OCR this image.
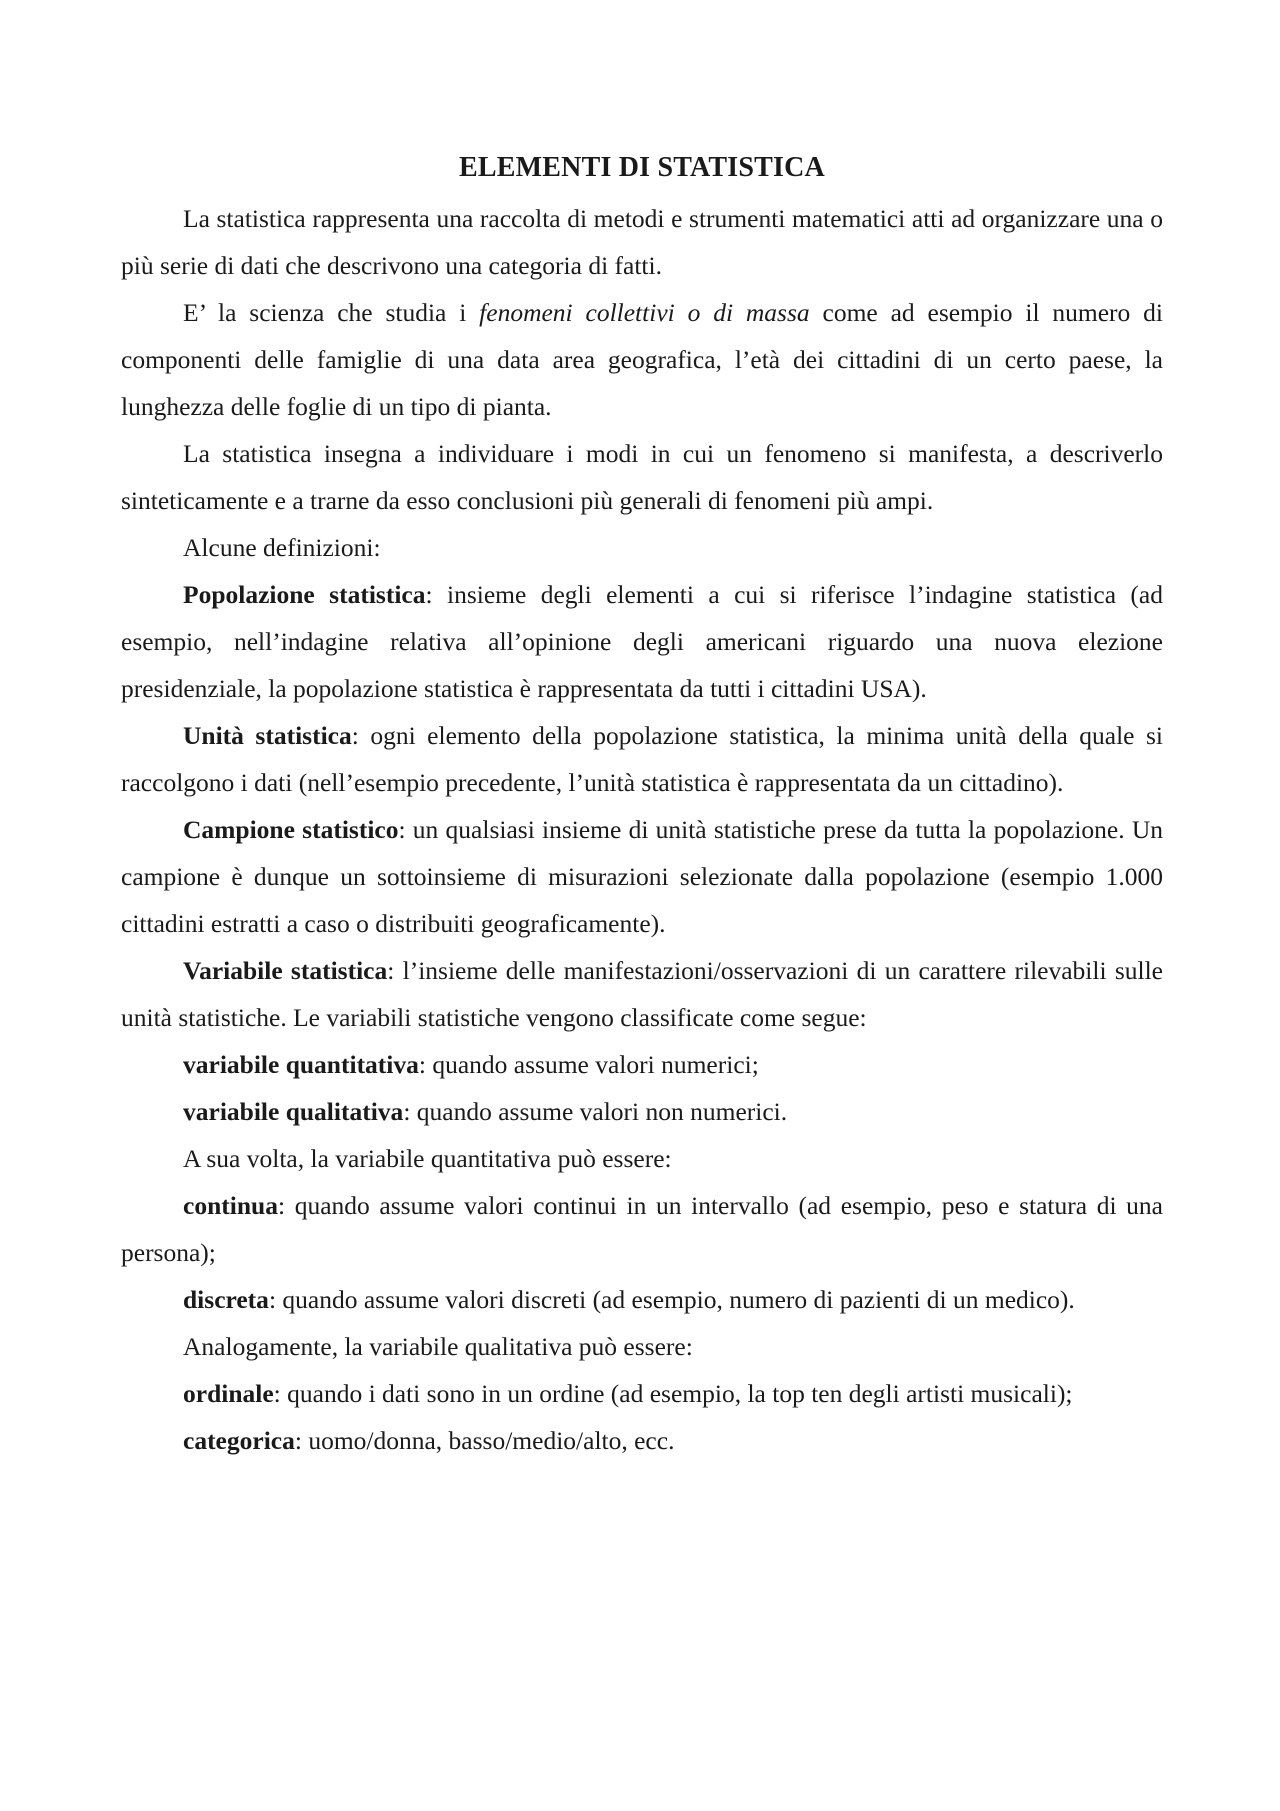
ELEMENTI DI STATISTICA

La statistica rappresenta una raccolta di metodi e strumenti matematici atti ad organizzare una o più serie di dati che descrivono una categoria di fatti.

E’ la scienza che studia i fenomeni collettivi o di massa come ad esempio il numero di componenti delle famiglie di una data area geografica, l’età dei cittadini di un certo paese, la lunghezza delle foglie di un tipo di pianta.

La statistica insegna a individuare i modi in cui un fenomeno si manifesta, a descriverlo sinteticamente e a trarne da esso conclusioni più generali di fenomeni più ampi.

Alcune definizioni:

Popolazione statistica: insieme degli elementi a cui si riferisce l’indagine statistica (ad esempio, nell’indagine relativa all’opinione degli americani riguardo una nuova elezione presidenziale, la popolazione statistica è rappresentata da tutti i cittadini USA).

Unità statistica: ogni elemento della popolazione statistica, la minima unità della quale si raccolgono i dati (nell’esempio precedente, l’unità statistica è rappresentata da un cittadino).

Campione statistico: un qualsiasi insieme di unità statistiche prese da tutta la popolazione. Un campione è dunque un sottoinsieme di misurazioni selezionate dalla popolazione (esempio 1.000 cittadini estratti a caso o distribuiti geograficamente).

Variabile statistica: l’insieme delle manifestazioni/osservazioni di un carattere rilevabili sulle unità statistiche. Le variabili statistiche vengono classificate come segue:

variabile quantitativa: quando assume valori numerici;

variabile qualitativa: quando assume valori non numerici.

A sua volta, la variabile quantitativa può essere:

continua: quando assume valori continui in un intervallo (ad esempio, peso e statura di una persona);

discreta: quando assume valori discreti (ad esempio, numero di pazienti di un medico).

Analogamente, la variabile qualitativa può essere:

ordinale: quando i dati sono in un ordine (ad esempio, la top ten degli artisti musicali);

categorica: uomo/donna, basso/medio/alto, ecc.
